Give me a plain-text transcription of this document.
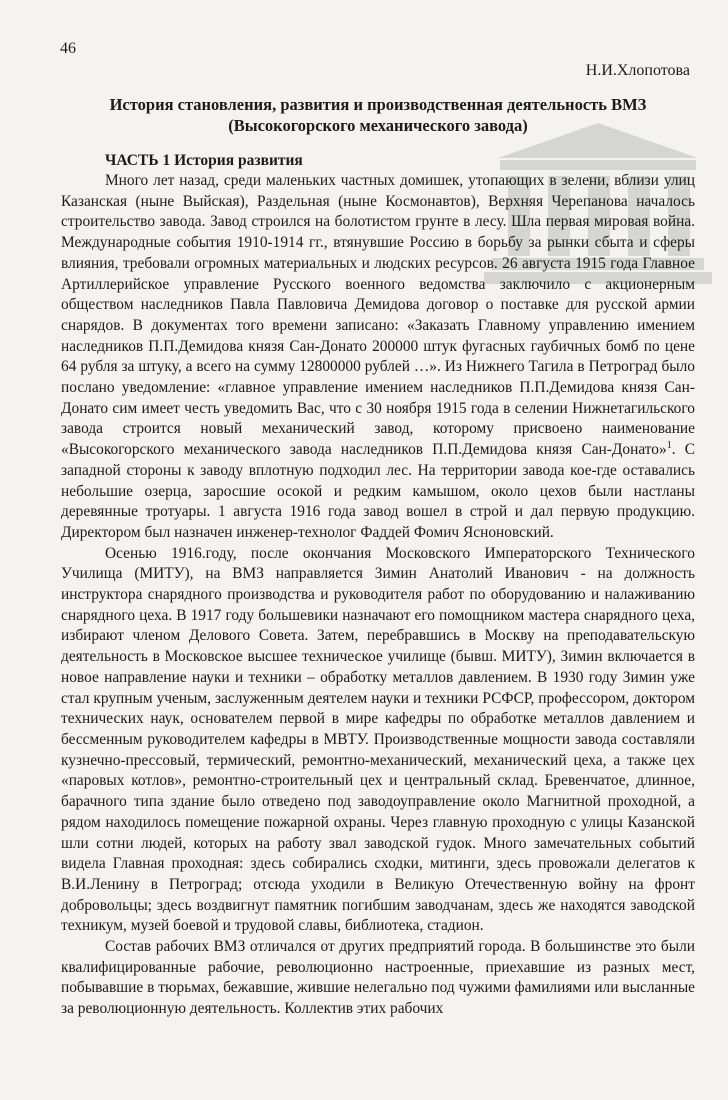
46
Н.И.Хлопотова
История становления, развития и производственная деятельность ВМЗ
(Высокогорского механического завода)
ЧАСТЬ 1 История развития

Много лет назад, среди маленьких частных домишек, утопающих в зелени, вблизи улиц Казанская (ныне Выйская), Раздельная (ныне Космонавтов), Верхняя Черепанова началось строительство завода. Завод строился на болотистом грунте в лесу. Шла первая мировая война. Международные события 1910-1914 гг., втянувшие Россию в борьбу за рынки сбыта и сферы влияния, требовали огромных материальных и людских ресурсов. 26 августа 1915 года Главное Артиллерийское управление Русского военного ведомства заключило с акционерным обществом наследников Павла Павловича Демидова договор о поставке для русской армии снарядов. В документах того времени записано: «Заказать Главному управлению имением наследников П.П.Демидова князя Сан-Донато 200000 штук фугасных гаубичных бомб по цене 64 рубля за штуку, а всего на сумму 12800000 рублей …». Из Нижнего Тагила в Петроград было послано уведомление: «главное управление имением наследников П.П.Демидова князя Сан-Донато сим имеет честь уведомить Вас, что с 30 ноября 1915 года в селении Нижнетагильского завода строится новый механический завод, которому присвоено наименование «Высокогорского механического завода наследников П.П.Демидова князя Сан-Донато»$^1$. С западной стороны к заводу вплотную подходил лес. На территории завода кое-где оставались небольшие озерца, заросшие осокой и редким камышом, около цехов были настланы деревянные тротуары. 1 августа 1916 года завод вошел в строй и дал первую продукцию. Директором был назначен инженер-технолог Фаддей Фомич Ясноновский.

Осенью 1916.году, после окончания Московского Императорского Технического Училища (МИТУ), на ВМЗ направляется Зимин Анатолий Иванович - на должность инструктора снарядного производства и руководителя работ по оборудованию и налаживанию снарядного цеха. В 1917 году большевики назначают его помощником мастера снарядного цеха, избирают членом Делового Совета. Затем, перебравшись в Москву на преподавательскую деятельность в Московское высшее техническое училище (бывш. МИТУ), Зимин включается в новое направление науки и техники – обработку металлов давлением. В 1930 году Зимин уже стал крупным ученым, заслуженным деятелем науки и техники РСФСР, профессором, доктором технических наук, основателем первой в мире кафедры по обработке металлов давлением и бессменным руководителем кафедры в МВТУ. Производственные мощности завода составляли кузнечно-прессовый, термический, ремонтно-механический, механический цеха, а также цех «паровых котлов», ремонтно-строительный цех и центральный склад. Бревенчатое, длинное, барачного типа здание было отведено под заводоуправление около Магнитной проходной, а рядом находилось помещение пожарной охраны. Через главную проходную с улицы Казанской шли сотни людей, которых на работу звал заводской гудок. Много замечательных событий видела Главная проходная: здесь собирались сходки, митинги, здесь провожали делегатов к В.И.Ленину в Петроград; отсюда уходили в Великую Отечественную войну на фронт добровольцы; здесь воздвигнут памятник погибшим заводчанам, здесь же находятся заводской техникум, музей боевой и трудовой славы, библиотека, стадион.

Состав рабочих ВМЗ отличался от других предприятий города. В большинстве это были квалифицированные рабочие, революционно настроенные, приехавшие из разных мест, побывавшие в тюрьмах, бежавшие, жившие нелегально под чужими фамилиями или высланные за революционную деятельность. Коллектив этих рабочих
